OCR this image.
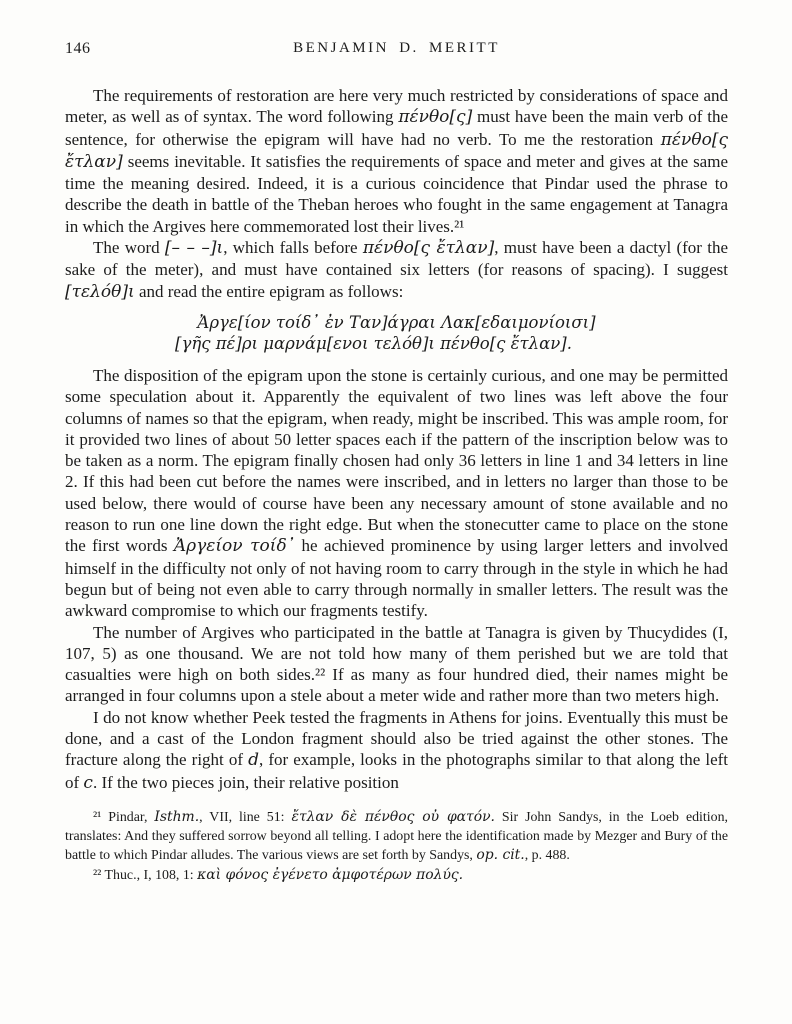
146	BENJAMIN D. MERITT

The requirements of restoration are here very much restricted by considerations of space and meter, as well as of syntax. The word following πένθο[ς] must have been the main verb of the sentence, for otherwise the epigram will have had no verb. To me the restoration πένθο[ς ἔτλαν] seems inevitable. It satisfies the requirements of space and meter and gives at the same time the meaning desired. Indeed, it is a curious coincidence that Pindar used the phrase to describe the death in battle of the Theban heroes who fought in the same engagement at Tanagra in which the Argives here commemorated lost their lives.²¹

The word [– – –]ι, which falls before πένθο[ς ἔτλαν], must have been a dactyl (for the sake of the meter), and must have contained six letters (for reasons of spacing). I suggest [τελόθ]ι and read the entire epigram as follows:

Ἀργε[ίον τοίδ᾽ ἐν Ταν]άγραι Λακ[εδαιμονίοισι]
[γῆς πέ]ρι μαρνάμ[ενοι τελόθ]ι πένθο[ς ἔτλαν].

The disposition of the epigram upon the stone is certainly curious, and one may be permitted some speculation about it. Apparently the equivalent of two lines was left above the four columns of names so that the epigram, when ready, might be inscribed. This was ample room, for it provided two lines of about 50 letter spaces each if the pattern of the inscription below was to be taken as a norm. The epigram finally chosen had only 36 letters in line 1 and 34 letters in line 2. If this had been cut before the names were inscribed, and in letters no larger than those to be used below, there would of course have been any necessary amount of stone available and no reason to run one line down the right edge. But when the stonecutter came to place on the stone the first words Ἀργείον τοίδ᾽ he achieved prominence by using larger letters and involved himself in the difficulty not only of not having room to carry through in the style in which he had begun but of being not even able to carry through normally in smaller letters. The result was the awkward compromise to which our fragments testify.

The number of Argives who participated in the battle at Tanagra is given by Thucydides (I, 107, 5) as one thousand. We are not told how many of them perished but we are told that casualties were high on both sides.²² If as many as four hundred died, their names might be arranged in four columns upon a stele about a meter wide and rather more than two meters high.

I do not know whether Peek tested the fragments in Athens for joins. Eventually this must be done, and a cast of the London fragment should also be tried against the other stones. The fracture along the right of d, for example, looks in the photographs similar to that along the left of c. If the two pieces join, their relative position

²¹ Pindar, Isthm., VII, line 51: ἔτλαν δὲ πένθος οὐ φατόν. Sir John Sandys, in the Loeb edition, translates: And they suffered sorrow beyond all telling. I adopt here the identification made by Mezger and Bury of the battle to which Pindar alludes. The various views are set forth by Sandys, op. cit., p. 488.

²² Thuc., I, 108, 1: καὶ φόνος ἐγένετο ἀμφοτέρων πολύς.
